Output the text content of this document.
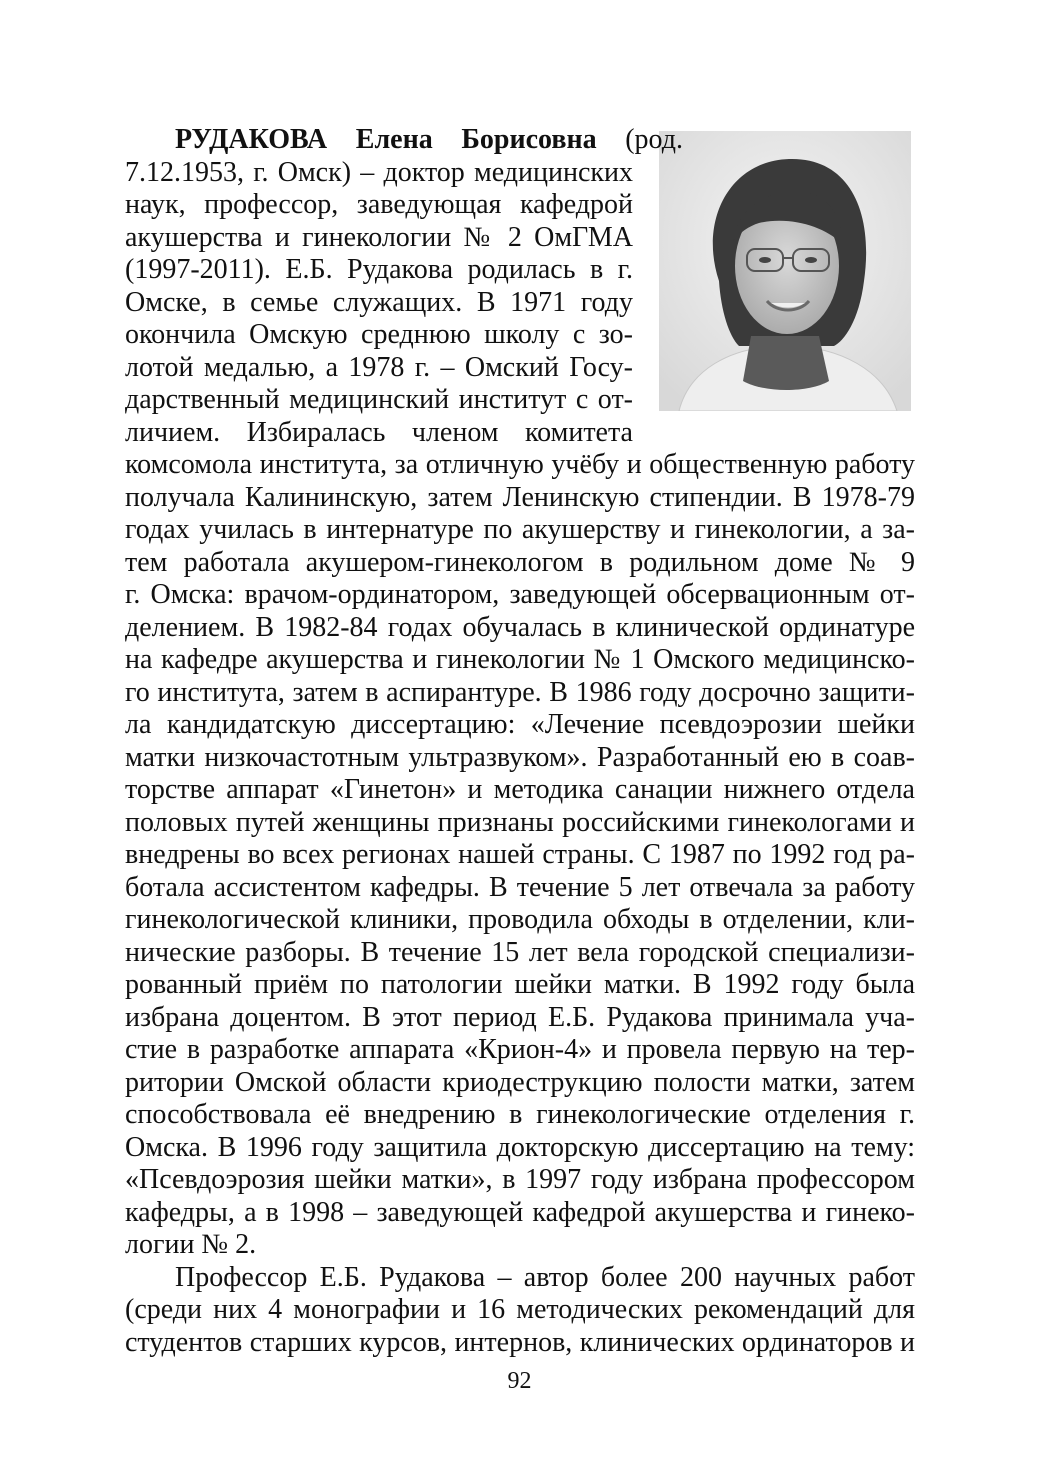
РУДАКОВА Елена Борисовна (род.
7.12.1953, г. Омск) – доктор медицинских
наук, профессор, заведующая кафедрой
акушерства и гинекологии № 2 ОмГМА
(1997-2011). Е.Б. Рудакова родилась в г.
Омске, в семье служащих. В 1971 году
окончила Омскую среднюю школу с зо-
лотой медалью, а 1978 г. – Омский Госу-
дарственный медицинский институт с от-
личием. Избиралась членом комитета
комсомола института, за отличную учёбу и общественную работу
получала Калининскую, затем Ленинскую стипендии. В 1978-79
годах училась в интернатуре по акушерству и гинекологии, а за-
тем работала акушером-гинекологом в родильном доме № 9
г. Омска: врачом-ординатором, заведующей обсервационным от-
делением. В 1982-84 годах обучалась в клинической ординатуре
на кафедре акушерства и гинекологии № 1 Омского медицинско-
го института, затем в аспирантуре. В 1986 году досрочно защити-
ла кандидатскую диссертацию: «Лечение псевдоэрозии шейки
матки низкочастотным ультразвуком». Разработанный ею в соав-
торстве аппарат «Гинетон» и методика санации нижнего отдела
половых путей женщины признаны российскими гинекологами и
внедрены во всех регионах нашей страны. С 1987 по 1992 год ра-
ботала ассистентом кафедры. В течение 5 лет отвечала за работу
гинекологической клиники, проводила обходы в отделении, кли-
нические разборы. В течение 15 лет вела городской специализи-
рованный приём по патологии шейки матки. В 1992 году была
избрана доцентом. В этот период Е.Б. Рудакова принимала уча-
стие в разработке аппарата «Крион-4» и провела первую на тер-
ритории Омской области криодеструкцию полости матки, затем
способствовала её внедрению в гинекологические отделения г.
Омска. В 1996 году защитила докторскую диссертацию на тему:
«Псевдоэрозия шейки матки», в 1997 году избрана профессором
кафедры, а в 1998 – заведующей кафедрой акушерства и гинеко-
логии № 2.
Профессор Е.Б. Рудакова – автор более 200 научных работ
(среди них 4 монографии и 16 методических рекомендаций для
студентов старших курсов, интернов, клинических ординаторов и
92
